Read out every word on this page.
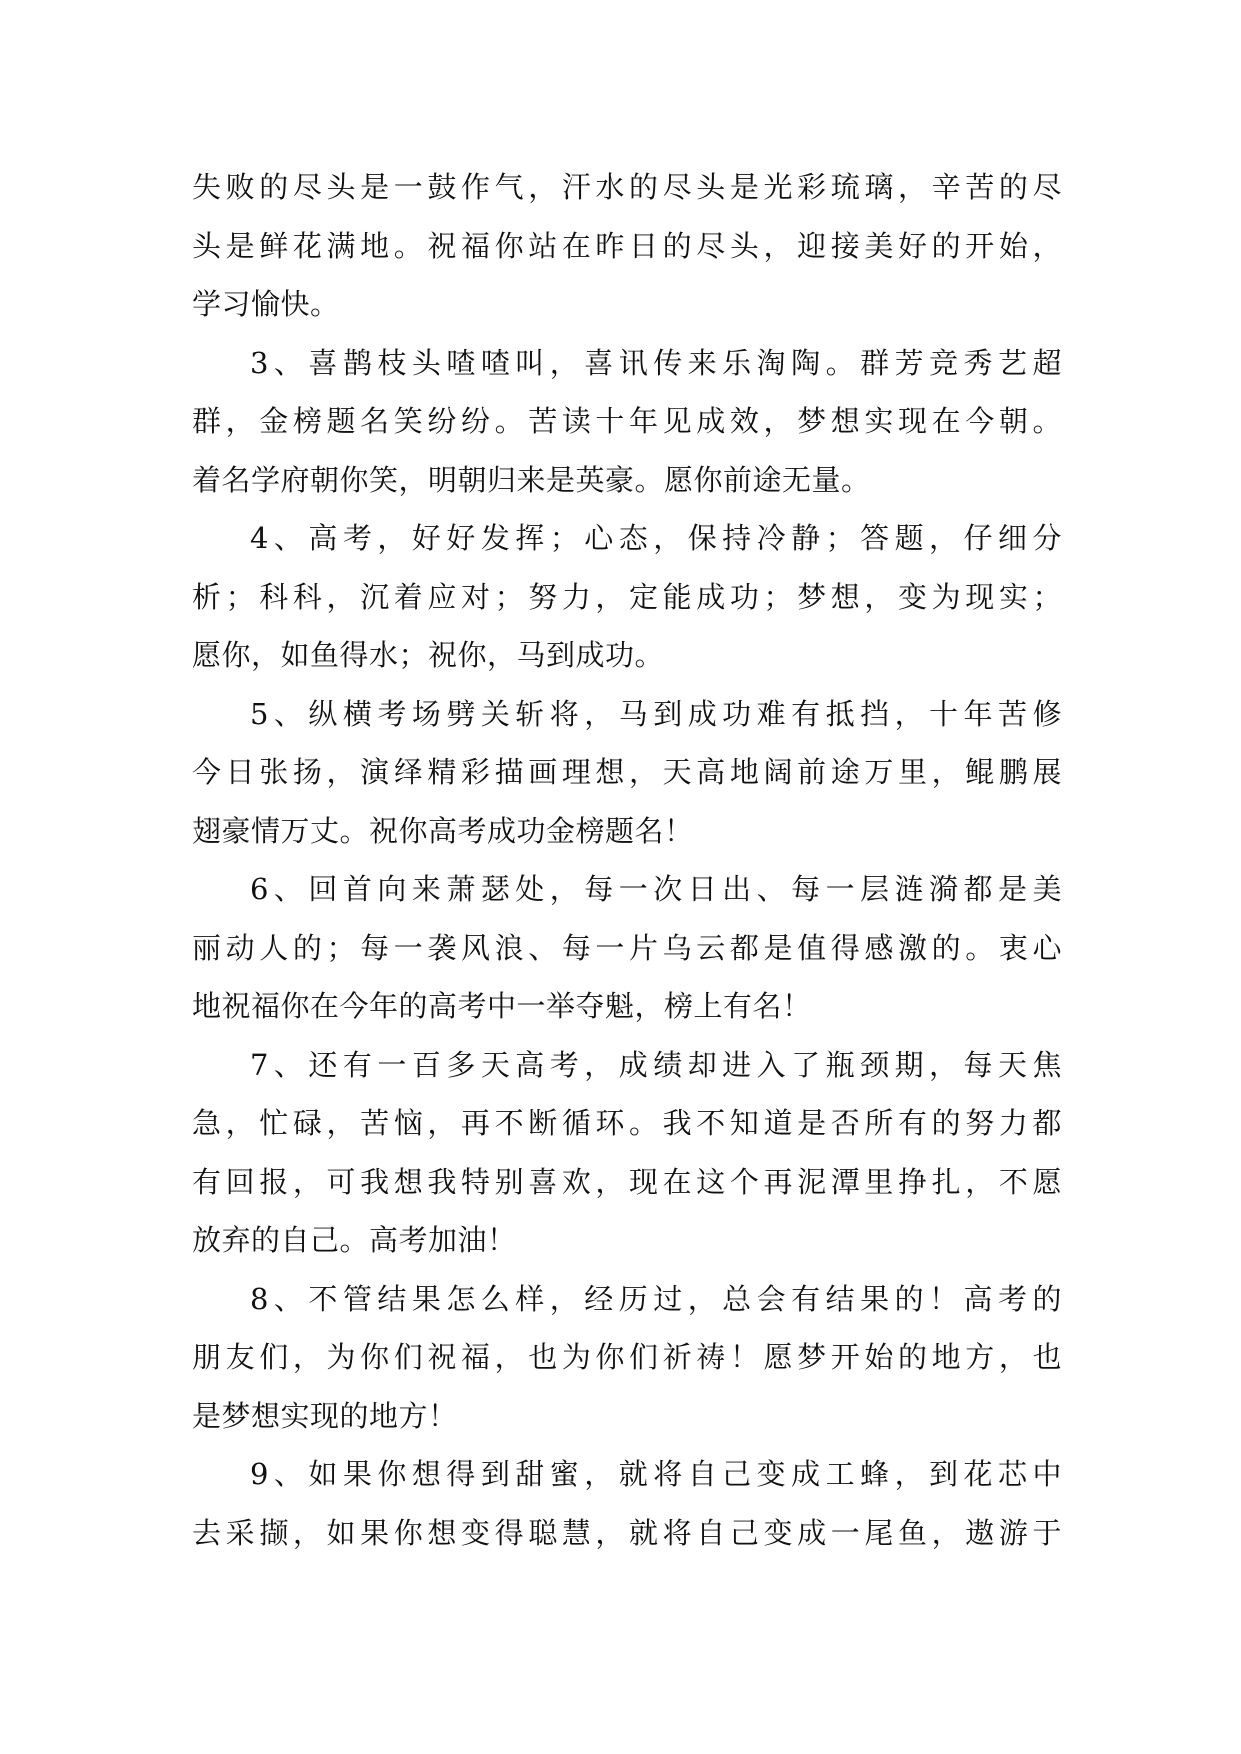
失败的尽头是一鼓作气，汗水的尽头是光彩琉璃，辛苦的尽
头是鲜花满地。祝福你站在昨日的尽头，迎接美好的开始，
学习愉快。
3、喜鹊枝头喳喳叫，喜讯传来乐淘陶。群芳竞秀艺超
群，金榜题名笑纷纷。苦读十年见成效，梦想实现在今朝。
着名学府朝你笑，明朝归来是英豪。愿你前途无量。
4、高考，好好发挥；心态，保持冷静；答题，仔细分
析；科科，沉着应对；努力，定能成功；梦想，变为现实；
愿你，如鱼得水；祝你，马到成功。
5、纵横考场劈关斩将，马到成功难有抵挡，十年苦修
今日张扬，演绎精彩描画理想，天高地阔前途万里，鲲鹏展
翅豪情万丈。祝你高考成功金榜题名！
6、回首向来萧瑟处，每一次日出、每一层涟漪都是美
丽动人的；每一袭风浪、每一片乌云都是值得感激的。衷心
地祝福你在今年的高考中一举夺魁，榜上有名！
7、还有一百多天高考，成绩却进入了瓶颈期，每天焦
急，忙碌，苦恼，再不断循环。我不知道是否所有的努力都
有回报，可我想我特别喜欢，现在这个再泥潭里挣扎，不愿
放弃的自己。高考加油！
8、不管结果怎么样，经历过，总会有结果的！高考的
朋友们，为你们祝福，也为你们祈祷！愿梦开始的地方，也
是梦想实现的地方！
9、如果你想得到甜蜜，就将自己变成工蜂，到花芯中
去采撷，如果你想变得聪慧，就将自己变成一尾鱼，遨游于
